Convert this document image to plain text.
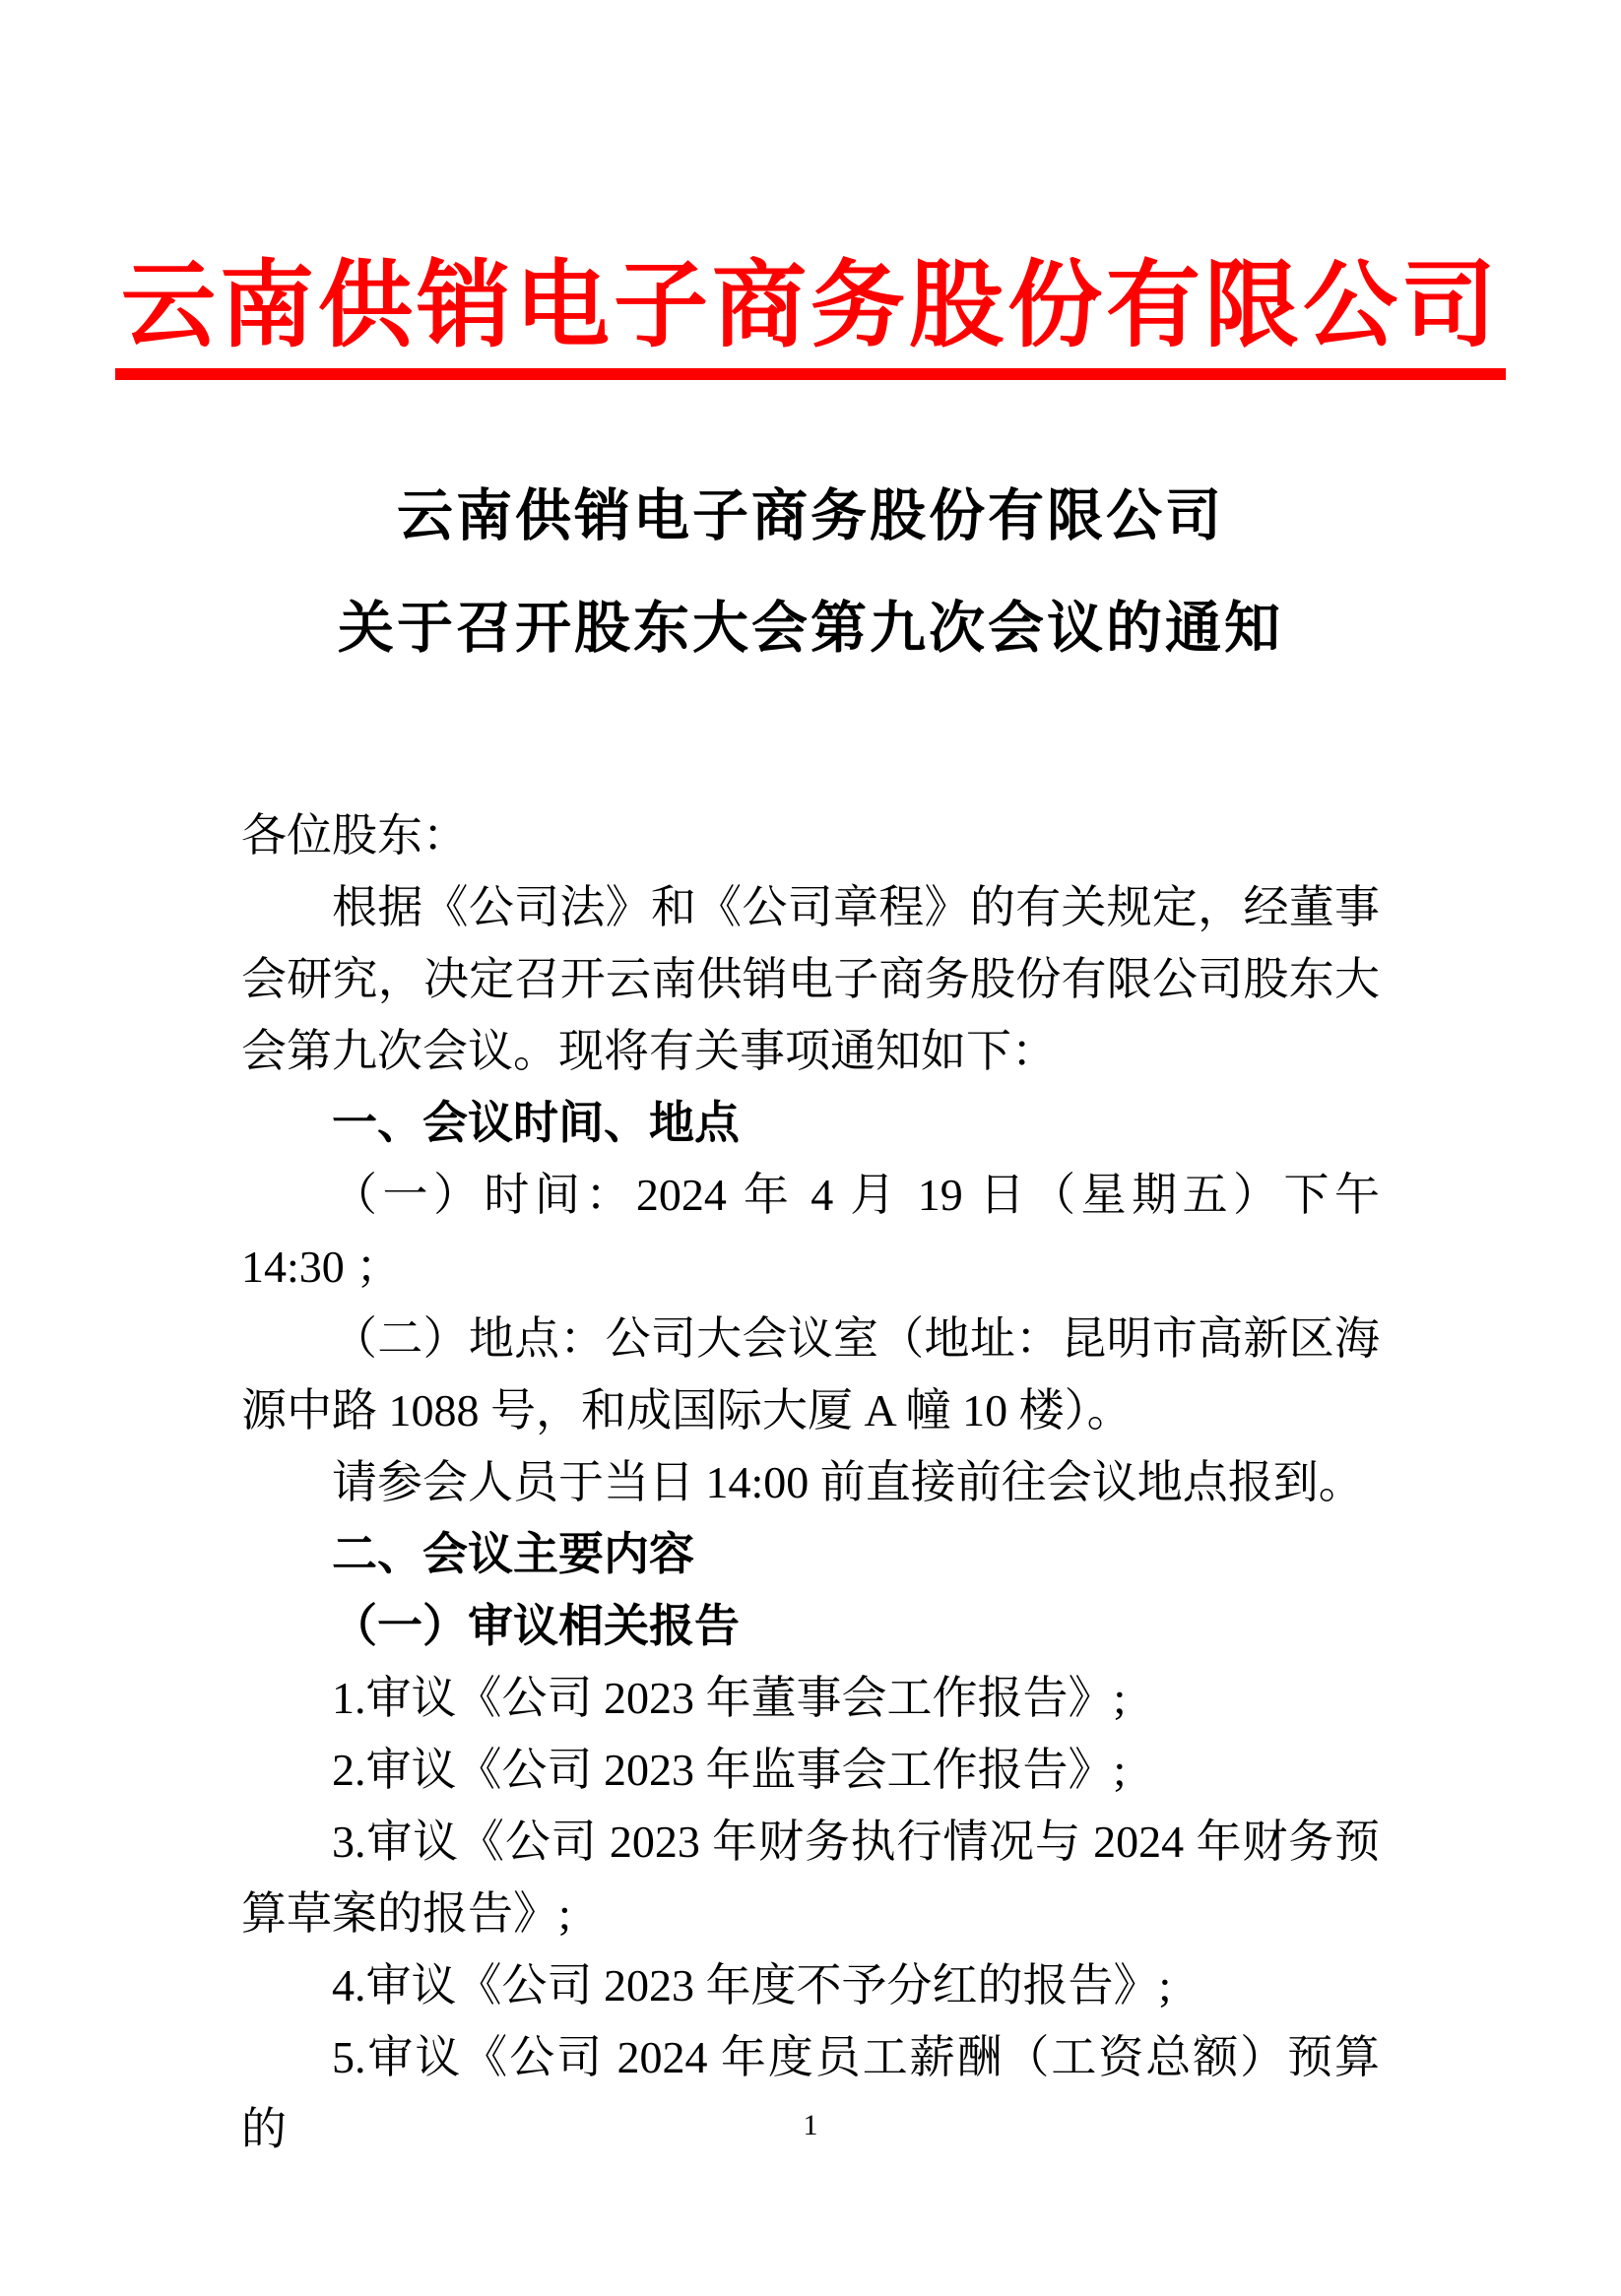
云南供销电子商务股份有限公司
云南供销电子商务股份有限公司
关于召开股东大会第九次会议的通知

各位股东：

根据《公司法》和《公司章程》的有关规定，经董事会研究，决定召开云南供销电子商务股份有限公司股东大会第九次会议。现将有关事项通知如下：

一、会议时间、地点

（一）时间：2024 年 4 月 19 日（星期五）下午 14:30 ；

（二）地点：公司大会议室（地址：昆明市高新区海源中路 1088 号，和成国际大厦 A 幢 10 楼）。

请参会人员于当日 14:00 前直接前往会议地点报到。

二、会议主要内容

（一）审议相关报告

1.审议《公司 2023 年董事会工作报告》;

2.审议《公司 2023 年监事会工作报告》;

3.审议《公司 2023 年财务执行情况与 2024 年财务预算草案的报告》;

4.审议《公司 2023 年度不予分红的报告》;

5.审议《公司 2024 年度员工薪酬（工资总额）预算的	1
